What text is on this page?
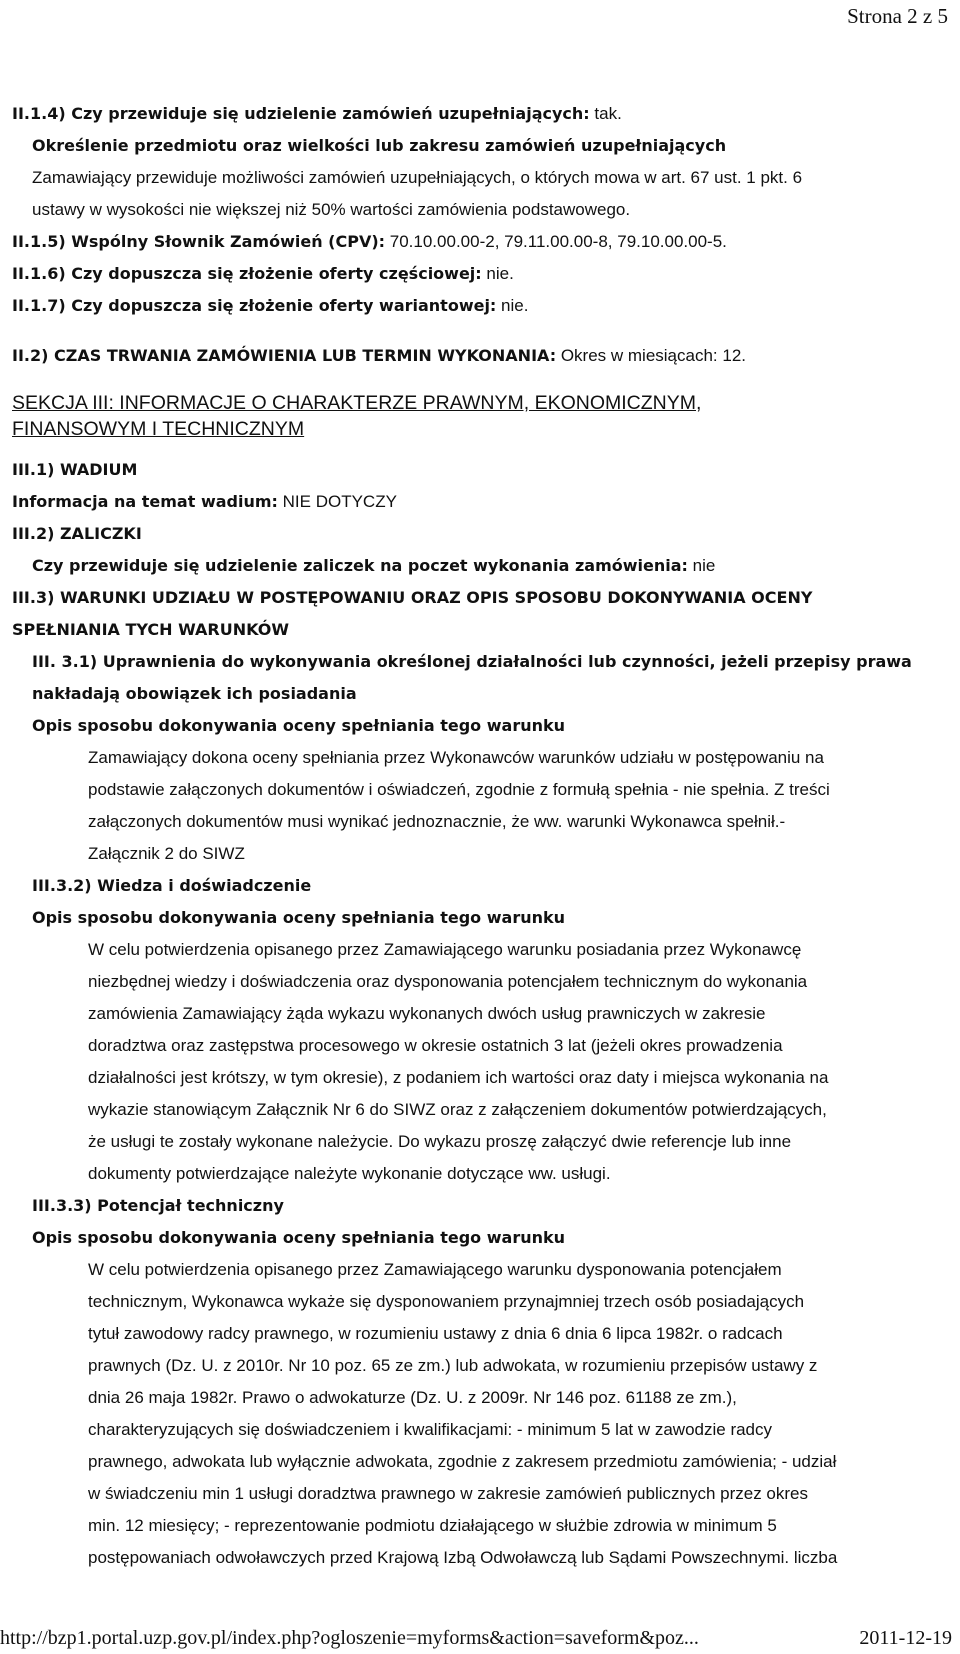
Strona 2 z 5

II.1.4) Czy przewiduje się udzielenie zamówień uzupełniających: tak.

Określenie przedmiotu oraz wielkości lub zakresu zamówień uzupełniających

Zamawiający przewiduje możliwości zamówień uzupełniających, o których mowa w art. 67 ust. 1 pkt. 6

ustawy w wysokości nie większej niż 50% wartości zamówienia podstawowego.

II.1.5) Wspólny Słownik Zamówień (CPV): 70.10.00.00-2, 79.11.00.00-8, 79.10.00.00-5.

II.1.6) Czy dopuszcza się złożenie oferty częściowej: nie.

II.1.7) Czy dopuszcza się złożenie oferty wariantowej: nie.

II.2) CZAS TRWANIA ZAMÓWIENIA LUB TERMIN WYKONANIA: Okres w miesiącach: 12.

SEKCJA III: INFORMACJE O CHARAKTERZE PRAWNYM, EKONOMICZNYM,

FINANSOWYM I TECHNICZNYM

III.1) WADIUM

Informacja na temat wadium: NIE DOTYCZY

III.2) ZALICZKI

Czy przewiduje się udzielenie zaliczek na poczet wykonania zamówienia: nie

III.3) WARUNKI UDZIAŁU W POSTĘPOWANIU ORAZ OPIS SPOSOBU DOKONYWANIA OCENY

SPEŁNIANIA TYCH WARUNKÓW

III. 3.1) Uprawnienia do wykonywania określonej działalności lub czynności, jeżeli przepisy prawa

nakładają obowiązek ich posiadania

Opis sposobu dokonywania oceny spełniania tego warunku

Zamawiający dokona oceny spełniania przez Wykonawców warunków udziału w postępowaniu na

podstawie załączonych dokumentów i oświadczeń, zgodnie z formułą spełnia - nie spełnia. Z treści

załączonych dokumentów musi wynikać jednoznacznie, że ww. warunki Wykonawca spełnił.-

Załącznik 2 do SIWZ

III.3.2) Wiedza i doświadczenie

Opis sposobu dokonywania oceny spełniania tego warunku

W celu potwierdzenia opisanego przez Zamawiającego warunku posiadania przez Wykonawcę

niezbędnej wiedzy i doświadczenia oraz dysponowania potencjałem technicznym do wykonania

zamówienia Zamawiający żąda wykazu wykonanych dwóch usług prawniczych w zakresie

doradztwa oraz zastępstwa procesowego w okresie ostatnich 3 lat (jeżeli okres prowadzenia

działalności jest krótszy, w tym okresie), z podaniem ich wartości oraz daty i miejsca wykonania na

wykazie stanowiącym Załącznik Nr 6 do SIWZ oraz z załączeniem dokumentów potwierdzających,

że usługi te zostały wykonane należycie. Do wykazu proszę załączyć dwie referencje lub inne

dokumenty potwierdzające należyte wykonanie dotyczące ww. usługi.

III.3.3) Potencjał techniczny

Opis sposobu dokonywania oceny spełniania tego warunku

W celu potwierdzenia opisanego przez Zamawiającego warunku dysponowania potencjałem

technicznym, Wykonawca wykaże się dysponowaniem przynajmniej trzech osób posiadających

tytuł zawodowy radcy prawnego, w rozumieniu ustawy z dnia 6 dnia 6 lipca 1982r. o radcach

prawnych (Dz. U. z 2010r. Nr 10 poz. 65 ze zm.) lub adwokata, w rozumieniu przepisów ustawy z

dnia 26 maja 1982r. Prawo o adwokaturze (Dz. U. z 2009r. Nr 146 poz. 61188 ze zm.),

charakteryzujących się doświadczeniem i kwalifikacjami: - minimum 5 lat w zawodzie radcy

prawnego, adwokata lub wyłącznie adwokata, zgodnie z zakresem przedmiotu zamówienia; - udział

w świadczeniu min 1 usługi doradztwa prawnego w zakresie zamówień publicznych przez okres

min. 12 miesięcy; - reprezentowanie podmiotu działającego w służbie zdrowia w minimum 5

postępowaniach odwoławczych przed Krajową Izbą Odwoławczą lub Sądami Powszechnymi. liczba

http://bzp1.portal.uzp.gov.pl/index.php?ogloszenie=myforms&action=saveform&poz...	2011-12-19
